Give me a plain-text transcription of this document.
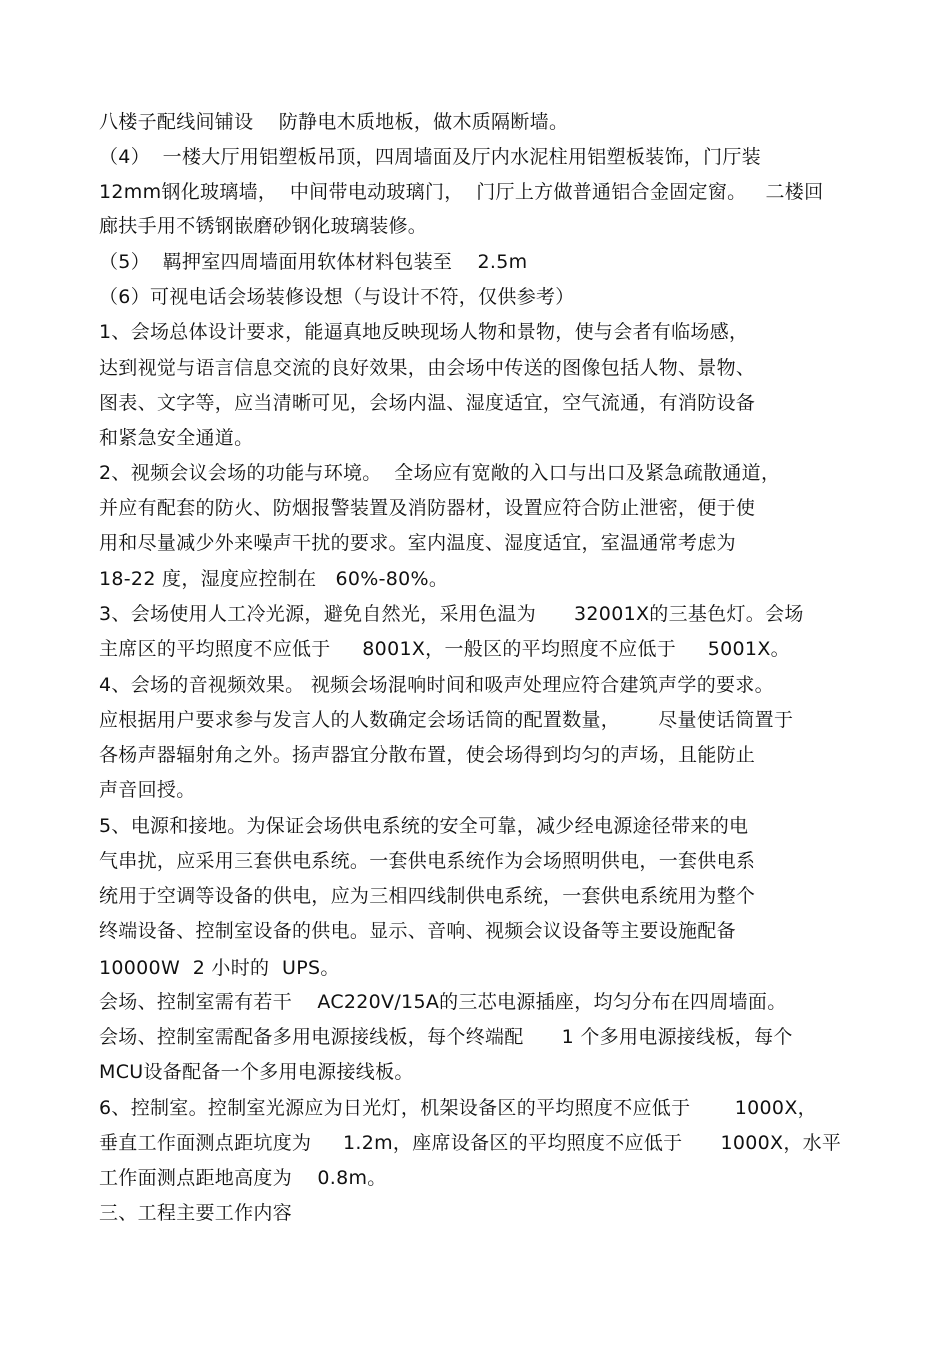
八楼子配线间铺设    防静电木质地板，做木质隔断墙。
（4）  一楼大厅用铝塑板吊顶，四周墙面及厅内水泥柱用铝塑板装饰，门厅装
12mm钢化玻璃墙，  中间带电动玻璃门，  门厅上方做普通铝合金固定窗。   二楼回
廊扶手用不锈钢嵌磨砂钢化玻璃装修。
（5）  羁押室四周墙面用软体材料包装至    2.5m
（6）可视电话会场装修设想（与设计不符，仅供参考）
1、会场总体设计要求，能逼真地反映现场人物和景物，使与会者有临场感，
达到视觉与语言信息交流的良好效果，由会场中传送的图像包括人物、景物、
图表、文字等，应当清晰可见，会场内温、湿度适宜，空气流通，有消防设备
和紧急安全通道。
2、视频会议会场的功能与环境。  全场应有宽敞的入口与出口及紧急疏散通道，
并应有配套的防火、防烟报警装置及消防器材，设置应符合防止泄密，便于使
用和尽量减少外来噪声干扰的要求。室内温度、湿度适宜，室温通常考虑为
18-22 度，湿度应控制在   60%-80%。
3、会场使用人工冷光源，避免自然光，采用色温为      32001X的三基色灯。会场
主席区的平均照度不应低于     8001X，一般区的平均照度不应低于     5001X。
4、会场的音视频效果。 视频会场混响时间和吸声处理应符合建筑声学的要求。
应根据用户要求参与发言人的人数确定会场话筒的配置数量，      尽量使话筒置于
各杨声器辐射角之外。扬声器宜分散布置，使会场得到均匀的声场，且能防止
声音回授。
5、电源和接地。为保证会场供电系统的安全可靠，减少经电源途径带来的电
气串扰，应采用三套供电系统。一套供电系统作为会场照明供电，一套供电系
统用于空调等设备的供电，应为三相四线制供电系统，一套供电系统用为整个
终端设备、控制室设备的供电。显示、音响、视频会议设备等主要设施配备
10000W  2 小时的  UPS。
会场、控制室需有若干    AC220V/15A的三芯电源插座，均匀分布在四周墙面。
会场、控制室需配备多用电源接线板，每个终端配      1 个多用电源接线板，每个
MCU设备配备一个多用电源接线板。
6、控制室。控制室光源应为日光灯，机架设备区的平均照度不应低于       1000X，
垂直工作面测点距坑度为     1.2m，座席设备区的平均照度不应低于      1000X，水平
工作面测点距地高度为    0.8m。
三、工程主要工作内容
